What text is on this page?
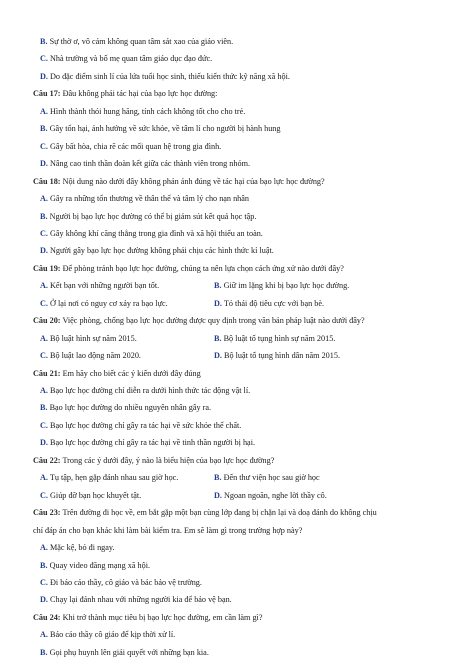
B. Sự thờ ơ, vô cảm không quan tâm sát xao của giáo viên.
C. Nhà trường và bố mẹ quan tâm giáo dục đạo đức.
D. Do đặc điểm sinh lí của lứa tuổi học sinh, thiếu kiến thức kỹ năng xã hội.
Câu 17: Đâu không phải tác hại của bạo lực học đường:
A. Hình thành thói hung hăng, tính cách không tốt cho cho trẻ.
B. Gây tổn hại, ảnh hưởng về sức khỏe, về tâm lí cho người bị hành hung
C. Gây bất hòa, chia rẽ các mối quan hệ trong gia đình.
D. Nâng cao tinh thần đoàn kết giữa các thành viên trong nhóm.
Câu 18: Nội dung nào dưới đây không phản ánh đúng về tác hại của bạo lực học đường?
A. Gây ra những tổn thương về thân thể và tâm lý cho nạn nhân
B. Người bị bạo lực học đường có thể bị giảm sút kết quả học tập.
C. Gây không khí căng thẳng trong gia đình và xã hội thiếu an toàn.
D. Người gây bạo lực học đường không phải chịu các hình thức kỉ luật.
Câu 19: Để phòng tránh bạo lực học đường, chúng ta nên lựa chọn cách ứng xử nào dưới đây?
A. Kết bạn với những người bạn tốt.	B. Giữ im lặng khi bị bạo lực học đường.
C. Ở lại nơi có nguy cơ xảy ra bạo lực.	D. Tỏ thái độ tiêu cực với bạn bè.
Câu 20: Việc phòng, chống bạo lực học đường được quy định trong văn bản pháp luật nào dưới đây?
A. Bộ luật hình sự năm 2015.	B. Bộ luật tố tụng hình sự năm 2015.
C. Bộ luật lao động năm 2020.	D. Bộ luật tố tụng hình dân năm 2015.
Câu 21: Em hãy cho biết các ý kiến dưới đây đúng
A. Bạo lực học đường chỉ diễn ra dưới hình thức tác động vật lí.
B. Bạo lực học đường do nhiều nguyên nhân gây ra.
C. Bạo lực học đường chỉ gây ra tác hại về sức khỏe thể chất.
D. Bạo lực học đường chỉ gây ra tác hại về tinh thần người bị hại.
Câu 22: Trong các ý dưới đây, ý nào là biểu hiện của bạo lực học đường?
A. Tụ tập, hẹn gặp đánh nhau sau giờ học.	B. Đến thư viện học sau giờ học
C. Giúp đỡ bạn học khuyết tật.	D. Ngoan ngoãn, nghe lời thầy cô.
Câu 23: Trên đường đi học về, em bắt gặp một bạn cùng lớp đang bị chặn lại và doạ đánh do không chịu
chỉ đáp án cho bạn khác khi làm bài kiểm tra. Em sẽ làm gì trong trường hợp này?
A. Mặc kệ, bỏ đi ngay.
B. Quay video đăng mạng xã hội.
C. Đi báo cáo thầy, cô giáo và bác bảo vệ trường.
D. Chạy lại đánh nhau với những người kia để bảo vệ bạn.
Câu 24: Khi trở thành mục tiêu bị bạo lực học đường, em cần làm gì?
A. Báo cáo thầy cô giáo để kịp thời xử lí.
B. Gọi phụ huynh lên giải quyết với những bạn kia.
